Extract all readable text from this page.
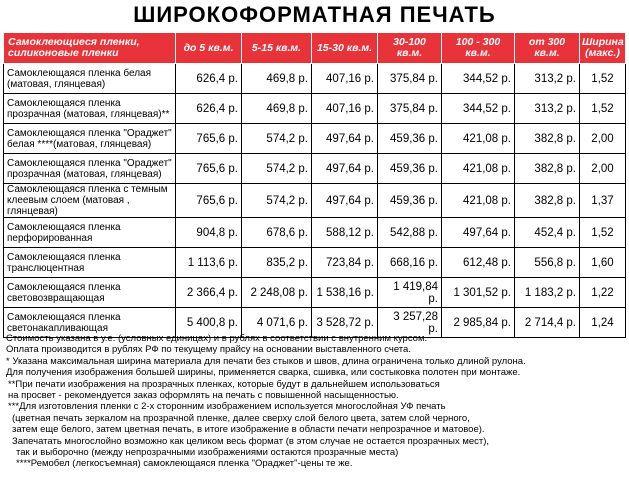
ШИРОКОФОРМАТНАЯ ПЕЧАТЬ
Самоклеющиеся пленки,
силиконовые пленки	до 5 кв.м.	5-15 кв.м.	15-30 кв.м.	30-100 кв.м.	100 - 300 кв.м.	от 300 кв.м.	Ширина
(макс.)
Самоклеющаяся пленка белая
(матовая, глянцевая)	626,4 р.	469,8 р.	407,16 р.	375,84 р.	344,52 р.	313,2 р.	1,52
Самоклеющаяся пленка
прозрачная (матовая, глянцевая)**	626,4 р.	469,8 р.	407,16 р.	375,84 р.	344,52 р.	313,2 р.	1,52
Самоклеющаяся пленка "Ораджет"
белая ****(матовая, глянцевая)	765,6 р.	574,2 р.	497,64 р.	459,36 р.	421,08 р.	382,8 р.	2,00
Самоклеющаяся пленка "Ораджет"
прозрачная (матовая, глянцевая)	765,6 р.	574,2 р.	497,64 р.	459,36 р.	421,08 р.	382,8 р.	2,00
Самоклеющаяся пленка с темным
клеевым слоем (матовая , глянцевая)	765,6 р.	574,2 р.	497,64 р.	459,36 р.	421,08 р.	382,8 р.	1,37
Самоклеющаяся пленка
перфорированная	904,8 р.	678,6 р.	588,12 р.	542,88 р.	497,64 р.	452,4 р.	1,52
Самоклеющаяся пленка
транслюцентная	1 113,6 р.	835,2 р.	723,84 р.	668,16 р.	612,48 р.	556,8 р.	1,60
Самоклеющаяся пленка
световозвращающая	2 366,4 р.	2 248,08 р.	1 538,16 р.	1 419,84 р.	1 301,52 р.	1 183,2 р.	1,22
Самоклеющаяся пленка
светонакапливающая	5 400,8 р.	4 071,6 р.	3 528,72 р.	3 257,28 р.	2 985,84 р.	2 714,4 р.	1,24
Стоимость указана в у.е. (условных единицах) и в рублях в соответствии с внутренним курсом.
Оплата производится в рублях РФ по текущему прайсу на основании выставленного счета.
* Указана максимальная ширина материала для печати без стыков и швов, длина ограничена только длиной рулона.
Для получения изображения большей ширины, применяется сварка, сшивка, или состыковка полотен при монтаже.
**При печати изображения на прозрачных пленках, которые будут в дальнейшем использоваться
на просвет - рекомендуется заказ оформлять на печать с повышенной насыщенностью.
***Для изготовления пленки с 2-х сторонним изображением используется многослойная УФ печать
(цветная печать зеркалом на прозрачной пленке, далее сверху слой белого цвета, затем слой черного,
затем еще белого, затем цветная печать, в итоге изображение в области печати непрозрачное и матовое).
Запечатать многослойно возможно как целиком весь формат (в этом случае не остается прозрачных мест),
так и выборочно (между непрозрачными изображениями остаются прозрачные места)
****Ремобел (легкосъемная) самоклеющаяся пленка "Ораджет"-цены те же.
